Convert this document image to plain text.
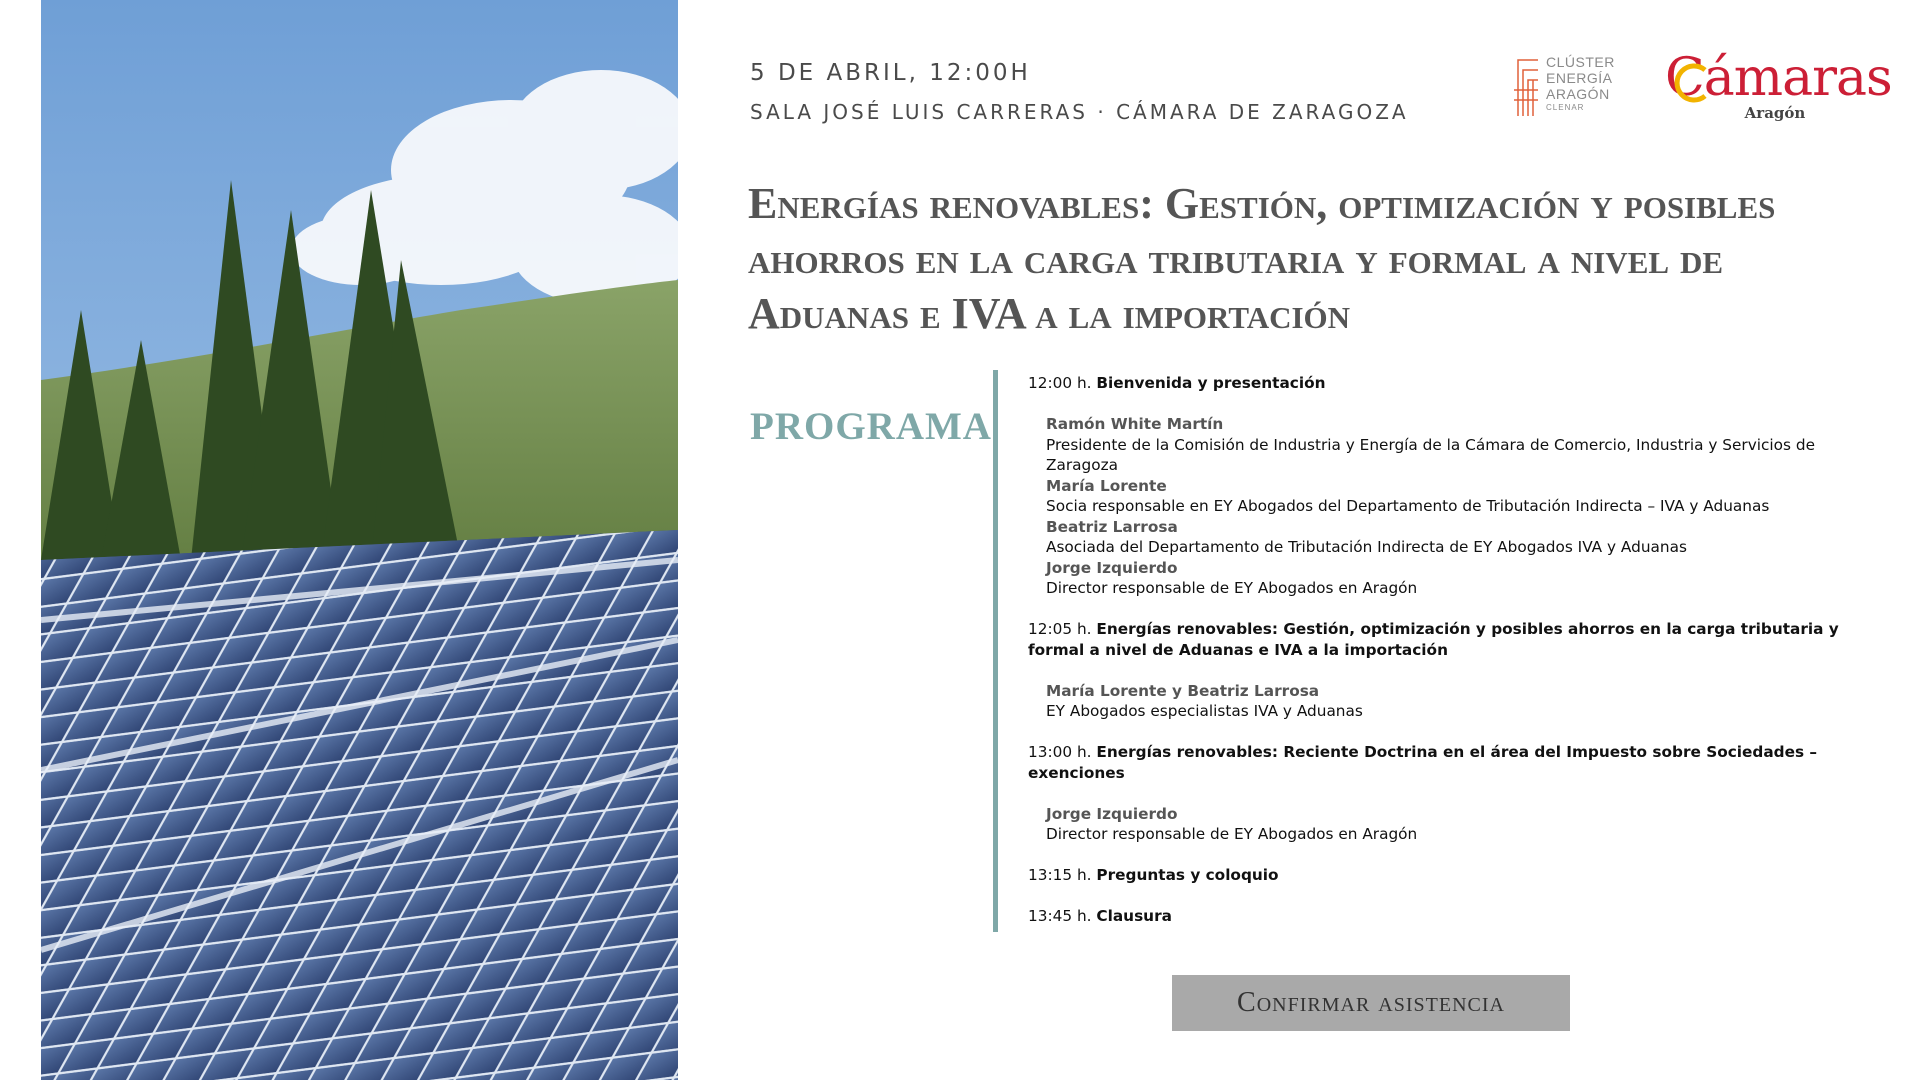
5 DE ABRIL, 12:00H
SALA JOSÉ LUIS CARRERAS · CÁMARA DE ZARAGOZA
CLÚSTER
ENERGÍA
ARAGÓN
CLENAR	Cámaras
Aragón
Energías renovables: Gestión, optimización y posibles ahorros en la carga tributaria y formal a nivel de Aduanas e IVA a la importación
PROGRAMA
12:00 h. Bienvenida y presentación
Ramón White Martín
Presidente de la Comisión de Industria y Energía de la Cámara de Comercio, Industria y Servicios de Zaragoza
María Lorente
Socia responsable en EY Abogados del Departamento de Tributación Indirecta – IVA y Aduanas
Beatriz Larrosa
Asociada del Departamento de Tributación Indirecta de EY Abogados IVA y Aduanas
Jorge Izquierdo
Director responsable de EY Abogados en Aragón
12:05 h. Energías renovables: Gestión, optimización y posibles ahorros en la carga tributaria y formal a nivel de Aduanas e IVA a la importación
María Lorente y Beatriz Larrosa
EY Abogados especialistas IVA y Aduanas
13:00 h. Energías renovables: Reciente Doctrina en el área del Impuesto sobre Sociedades – exenciones
Jorge Izquierdo
Director responsable de EY Abogados en Aragón
13:15 h. Preguntas y coloquio
13:45 h. Clausura
Confirmar asistencia
